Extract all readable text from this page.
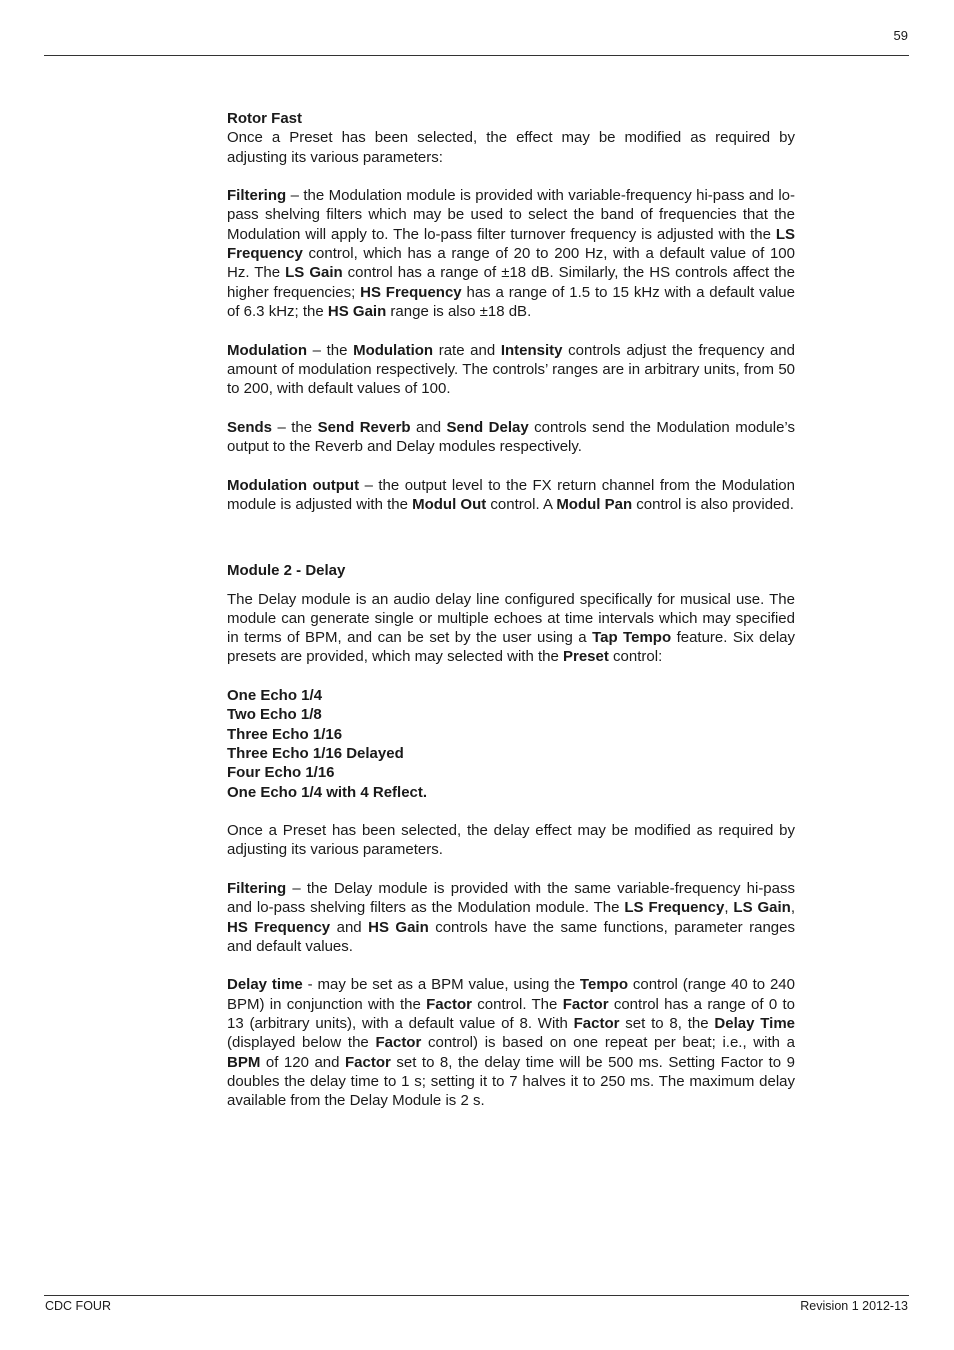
59
Rotor Fast

Once a Preset has been selected, the effect may be modified as required by adjusting its various parameters:

Filtering – the Modulation module is provided with variable-frequency hi-pass and lo-pass shelving filters which may be used to select the band of frequencies that the Modulation will apply to. The lo-pass filter turnover frequency is adjusted with the LS Frequency control, which has a range of 20 to 200 Hz, with a default value of 100 Hz. The LS Gain control has a range of ±18 dB. Similarly, the HS controls affect the higher frequencies; HS Frequency has a range of 1.5 to 15 kHz with a default value of 6.3 kHz; the HS Gain range is also ±18 dB.

Modulation – the Modulation rate and Intensity controls adjust the frequency and amount of modulation respectively. The controls’ ranges are in arbitrary units, from 50 to 200, with default values of 100.

Sends – the Send Reverb and Send Delay controls send the Modulation module’s output to the Reverb and Delay modules respectively.

Modulation output – the output level to the FX return channel from the Modulation module is adjusted with the Modul Out control. A Modul Pan control is also provided.

Module 2 - Delay

The Delay module is an audio delay line configured specifically for musical use. The module can generate single or multiple echoes at time intervals which may specified in terms of BPM, and can be set by the user using a Tap Tempo feature. Six delay presets are provided, which may selected with the Preset control:

One Echo 1/4
Two Echo 1/8
Three Echo 1/16
Three Echo 1/16 Delayed
Four Echo 1/16
One Echo 1/4 with 4 Reflect.

Once a Preset has been selected, the delay effect may be modified as required by adjusting its various parameters.

Filtering – the Delay module is provided with the same variable-frequency hi-pass and lo-pass shelving filters as the Modulation module. The LS Frequency, LS Gain, HS Frequency and HS Gain controls have the same functions, parameter ranges and default values.

Delay time - may be set as a BPM value, using the Tempo control (range 40 to 240 BPM) in conjunction with the Factor control. The Factor control has a range of 0 to 13 (arbitrary units), with a default value of 8. With Factor set to 8, the Delay Time (displayed below the Factor control) is based on one repeat per beat; i.e., with a BPM of 120 and Factor set to 8, the delay time will be 500 ms. Setting Factor to 9 doubles the delay time to 1 s; setting it to 7 halves it to 250 ms. The maximum delay available from the Delay Module is 2 s.

CDC FOUR	Revision 1 2012-13
